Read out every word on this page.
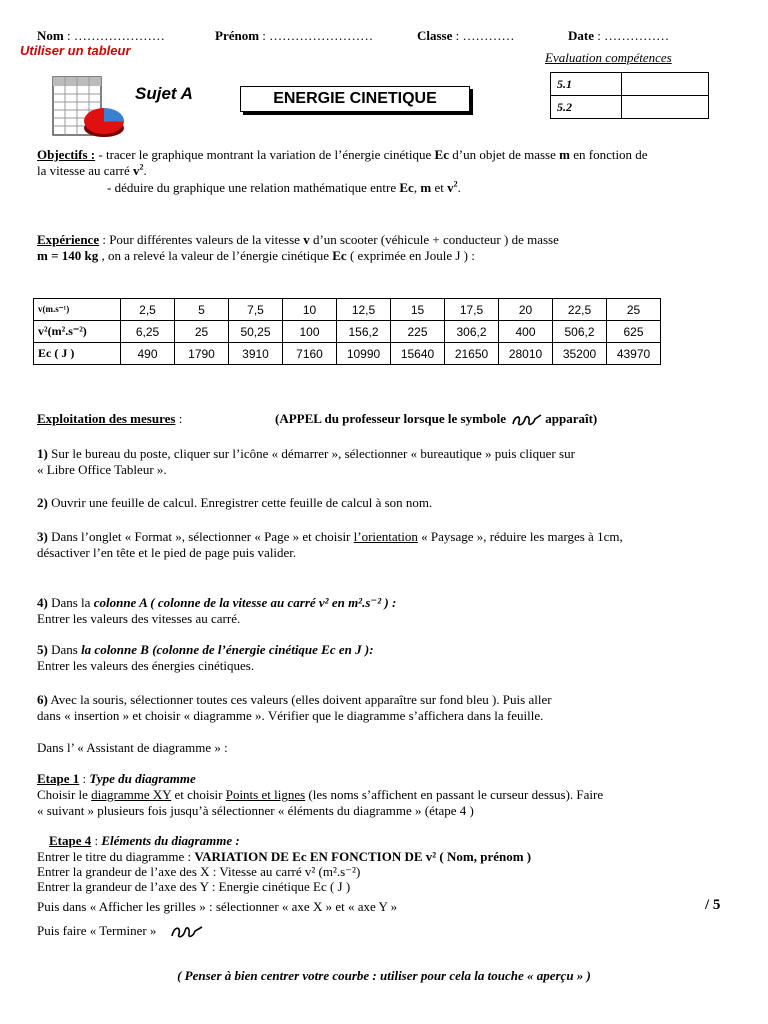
Nom : …………………	Prénom : ……………………	Classe : …………	Date : ……………
Utiliser un tableur	Evaluation compétences
5.1	
5.2	
Sujet A	ENERGIE CINETIQUE
Objectifs : - tracer le graphique montrant la variation de l’énergie cinétique Ec d’un objet de masse m en fonction de
la vitesse au carré $v^2$.
- déduire du graphique une relation mathématique entre Ec, m et $v^2$.
Expérience : Pour différentes valeurs de la vitesse v d’un scooter (véhicule + conducteur ) de masse
m = 140 kg , on a relevé la valeur de l’énergie cinétique Ec ( exprimée en Joule J ) :
v(m.s⁻¹)	2,5	5	7,5	10	12,5	15	17,5	20	22,5	25
v²(m².s⁻²)	6,25	25	50,25	100	156,2	225	306,2	400	506,2	625
Ec ( J )	490	1790	3910	7160	10990	15640	21650	28010	35200	43970
Exploitation des mesures :	(APPEL du professeur lorsque le symbole	apparaît)
1) Sur le bureau du poste, cliquer sur l’icône « démarrer », sélectionner « bureautique » puis cliquer sur
« Libre Office Tableur ».
2) Ouvrir une feuille de calcul. Enregistrer cette feuille de calcul à son nom.
3) Dans l’onglet « Format », sélectionner « Page » et choisir l’orientation « Paysage », réduire les marges à 1cm,
désactiver l’en tête et le pied de page puis valider.
4) Dans la colonne A ( colonne de la vitesse au carré v² en m².s⁻² ) :
Entrer les valeurs des vitesses au carré.
5) Dans la colonne B (colonne de l’énergie cinétique Ec en J ):
Entrer les valeurs des énergies cinétiques.
6) Avec la souris, sélectionner toutes ces valeurs (elles doivent apparaître sur fond bleu ). Puis aller
dans « insertion » et choisir « diagramme ». Vérifier que le diagramme s’affichera dans la feuille.
Dans l’ « Assistant de diagramme » :
Etape 1 : Type du diagramme
Choisir le diagramme XY et choisir Points et lignes (les noms s’affichent en passant le curseur dessus). Faire
« suivant » plusieurs fois jusqu’à sélectionner « éléments du diagramme » (étape 4 )
Etape 4 : Eléments du diagramme :
Entrer le titre du diagramme : VARIATION DE Ec EN FONCTION DE v² ( Nom, prénom )
Entrer la grandeur de l’axe des X : Vitesse au carré v² (m².s⁻²)
Entrer la grandeur de l’axe des Y : Energie cinétique Ec ( J )
Puis dans « Afficher les grilles » : sélectionner « axe X » et « axe Y »
Puis faire « Terminer »
/ 5
( Penser à bien centrer votre courbe : utiliser pour cela la touche « aperçu » )
